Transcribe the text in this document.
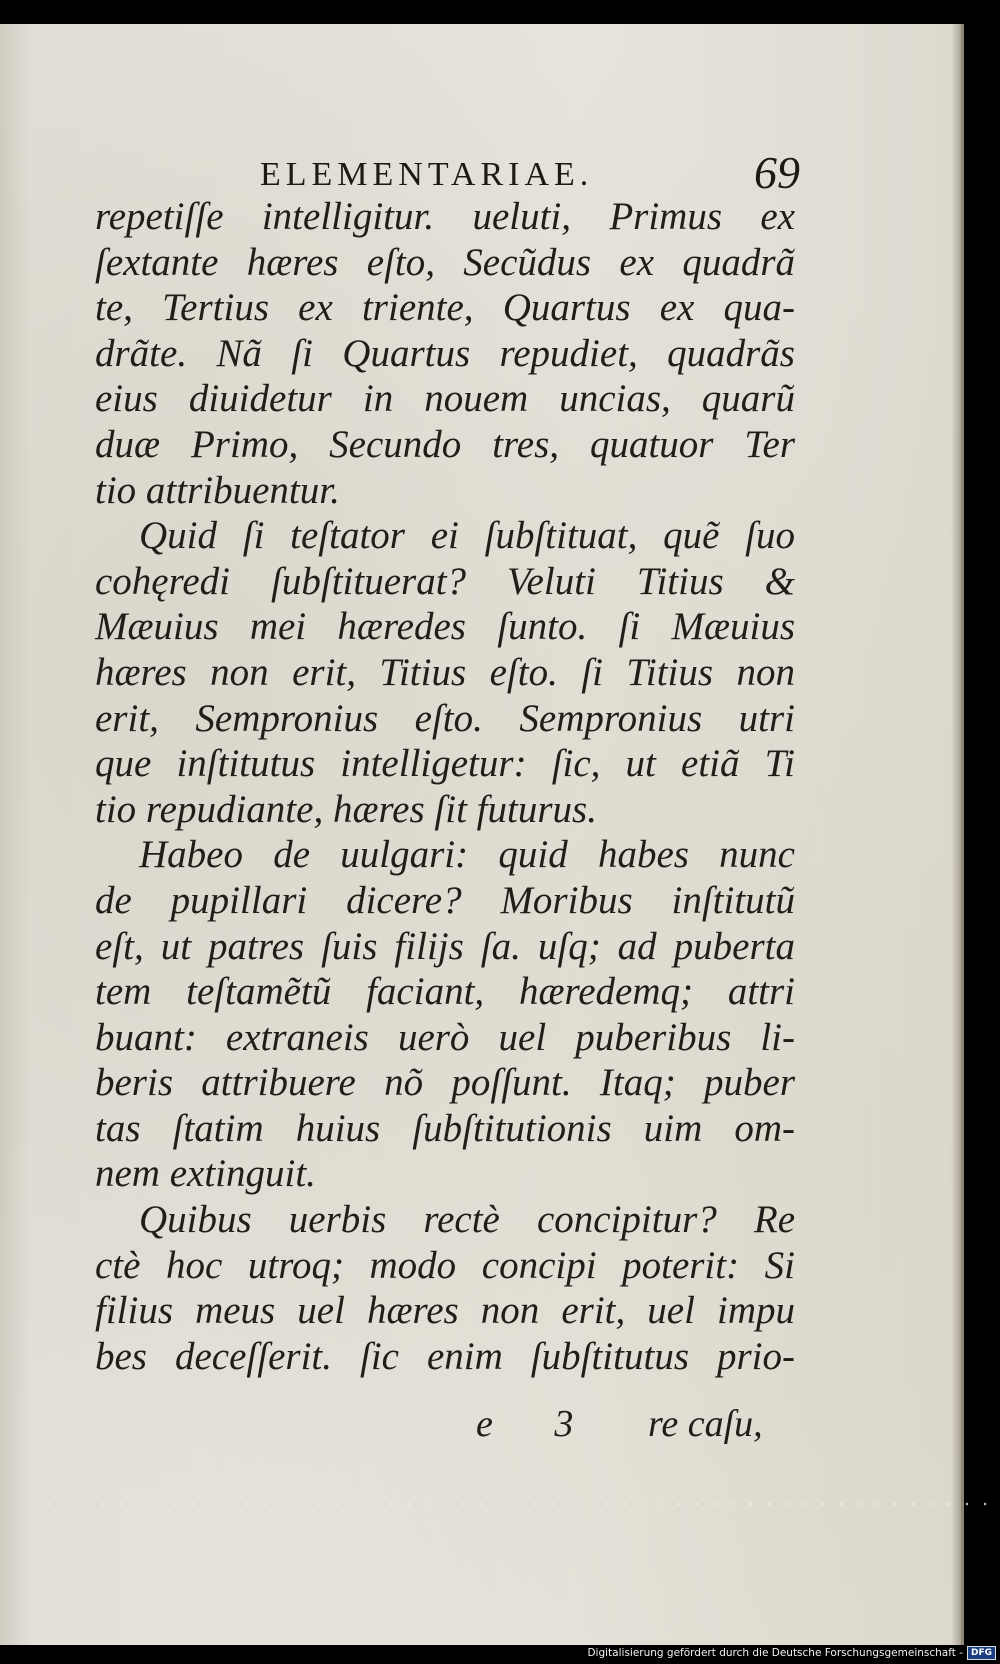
ELEMENTARIAE.	69
repetiſſe intelligitur. ueluti, Primus ex
ſextante hæres eſto, Secũdus ex quadrã
te, Tertius ex triente, Quartus ex qua-
drãte. Nã ſi Quartus repudiet, quadrãs
eius diuidetur in nouem uncias, quarũ
duæ Primo, Secundo tres, quatuor Ter
tio attribuentur.
Quid ſi teſtator ei ſubſtituat, quẽ ſuo
cohęredi ſubſtituerat? Veluti Titius &
Mæuius mei hæredes ſunto. ſi Mæuius
hæres non erit, Titius eſto. ſi Titius non
erit, Sempronius eſto. Sempronius utri
que inſtitutus intelligetur: ſic, ut etiã Ti
tio repudiante, hæres ſit futurus.
Habeo de uulgari: quid habes nunc
de pupillari dicere? Moribus inſtitutũ
eſt, ut patres ſuis filijs ſa. uſq; ad puberta
tem teſtamẽtũ faciant, hæredemq; attri
buant: extraneis uerò uel puberibus li-
beris attribuere nõ poſſunt. Itaq; puber
tas ſtatim huius ſubſtitutionis uim om-
nem extinguit.
Quibus uerbis rectè concipitur? Re
ctè hoc utroq; modo concipi poterit: Si
filius meus uel hæres non erit, uel impu
bes deceſſerit. ſic enim ſubſtitutus prio-
e 3 re caſu,
Digitalisierung gefördert durch die Deutsche Forschungsgemeinschaft - DFG
